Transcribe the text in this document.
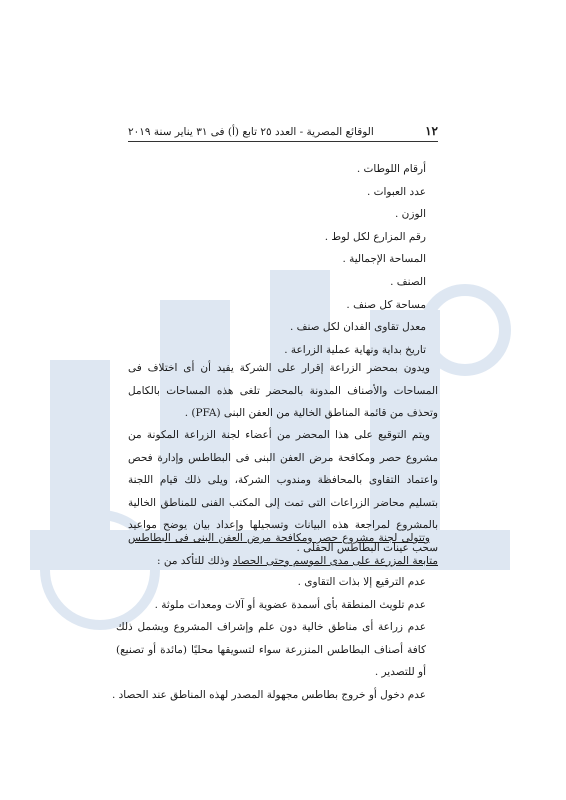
١٢
الوقائع المصرية - العدد ٢٥ تابع (أ) فى ٣١ يناير سنة ٢٠١٩
أرقام اللوطات .
عدد العبوات .
الوزن .
رقم المزارع لكل لوط .
المساحة الإجمالية .
الصنف .
مساحة كل صنف .
معدل تقاوى الفدان لكل صنف .
تاريخ بداية ونهاية عملية الزراعة .

ويدون بمحضر الزراعة إقرار على الشركة يفيد أن أى اختلاف فى المساحات والأصناف المدونة بالمحضر تلغى هذه المساحات بالكامل وتحذف من قائمة المناطق الخالية من العفن البنى (PFA) .

ويتم التوقيع على هذا المحضر من أعضاء لجنة الزراعة المكونة من مشروع حصر ومكافحة مرض العفن البنى فى البطاطس وإدارة فحص واعتماد التقاوى بالمحافظة ومندوب الشركة، ويلى ذلك قيام اللجنة بتسليم محاضر الزراعات التى تمت إلى المكتب الفنى للمناطق الخالية بالمشروع لمراجعة هذه البيانات وتسجيلها وإعداد بيان يوضح مواعيد سحب عينات البطاطس الحقلى .

وتتولى لجنة مشروع حصر ومكافحة مرض العفن البنى فى البطاطس متابعة المزرعة على مدى الموسم وحتى الحصاد وذلك للتأكد من :

عدم الترقيع إلا بذات التقاوى .
عدم تلويث المنطقة بأى أسمدة عضوية أو آلات ومعدات ملوثة .
عدم زراعة أى مناطق خالية دون علم وإشراف المشروع ويشمل ذلك كافة أصناف البطاطس المنزرعة سواء لتسويقها محليًا (مائدة أو تصنيع) أو للتصدير .
عدم دخول أو خروج بطاطس مجهولة المصدر لهذه المناطق عند الحصاد .
